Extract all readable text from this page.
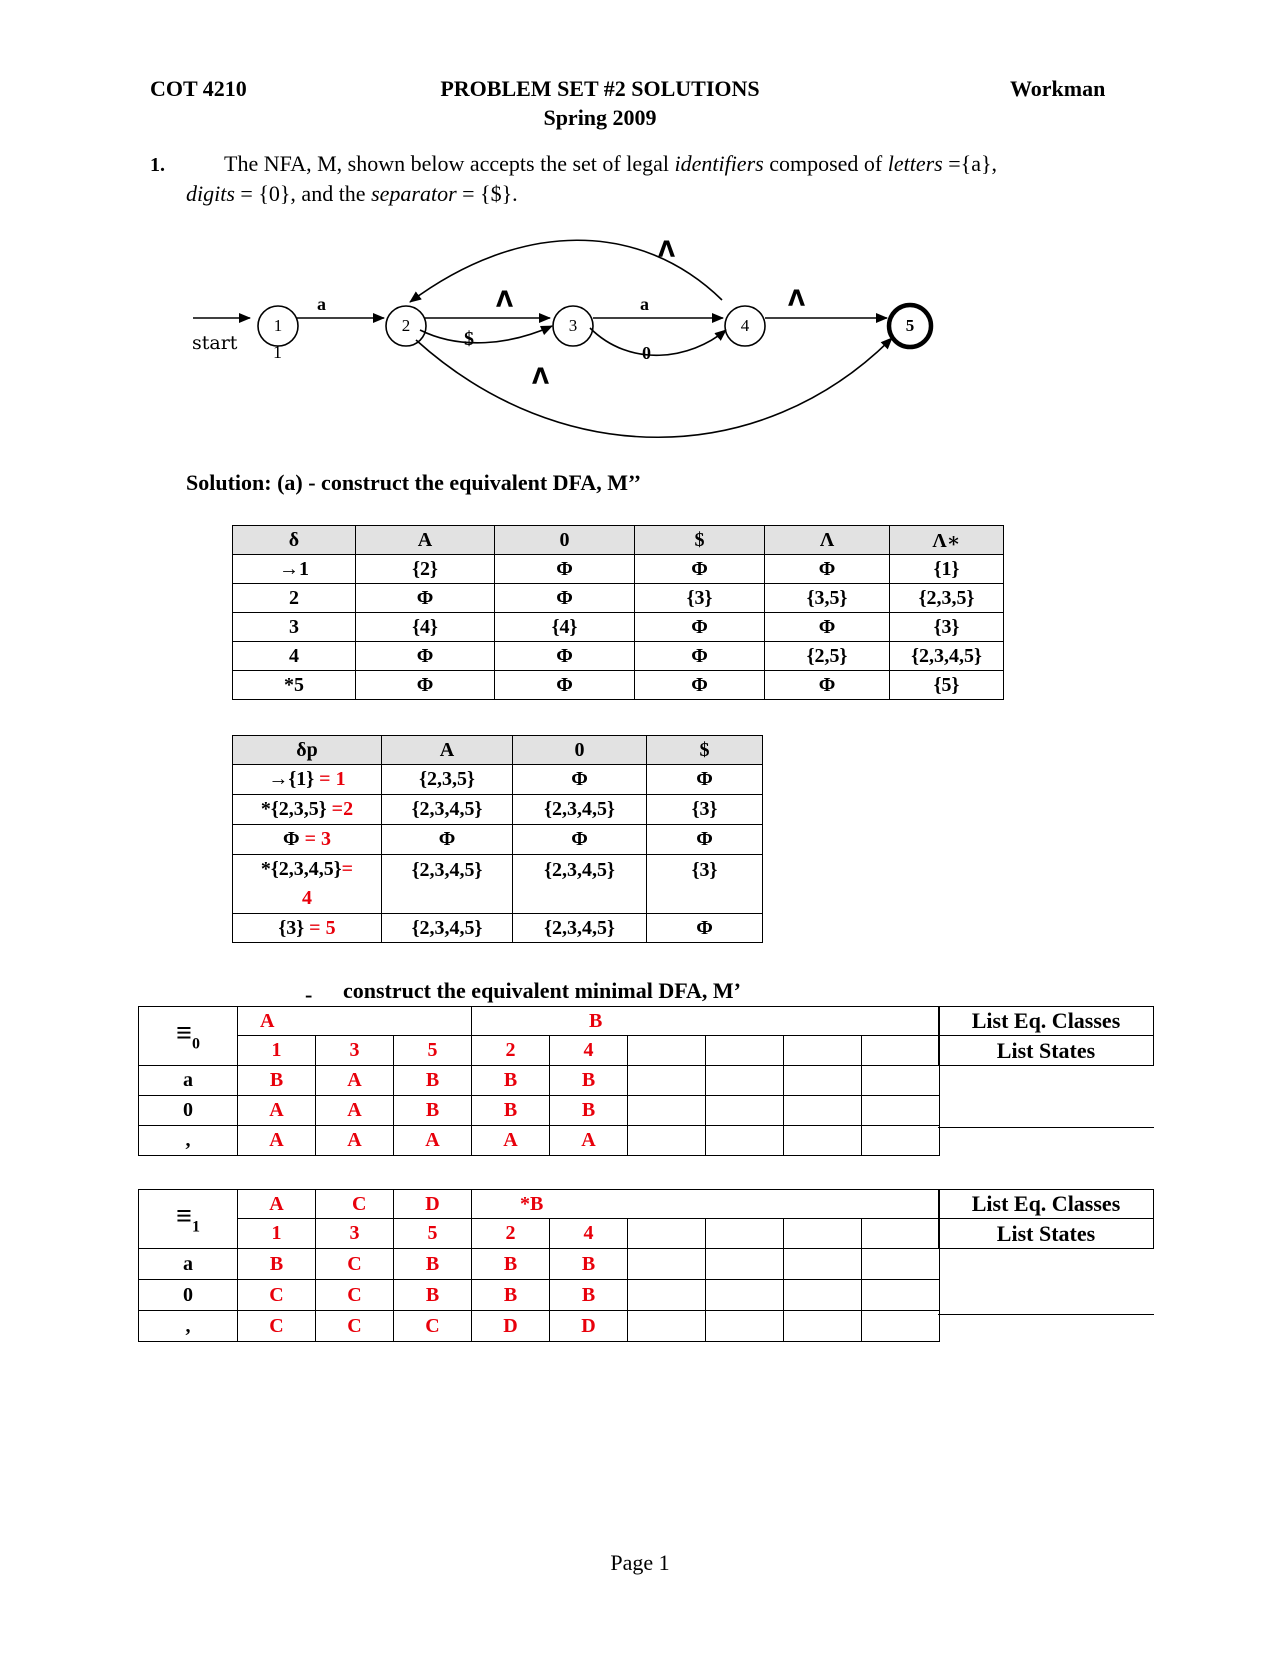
COT 4210	PROBLEM SET #2 SOLUTIONS
Spring 2009
Workman
1.	The NFA, M, shown below accepts the set of legal identifiers composed of letters ={a},
digits = {0}, and the separator = {$}.
start 1
1	2	3	4	5
a	Λ
$
a
0
Λ
Λ
Λ
Solution: (a) - construct the equivalent DFA, M’’
δ	A	0	$	Λ	Λ∗
→1	{2}	Φ	Φ	Φ	{1}
2	Φ	Φ	{3}	{3,5}	{2,3,5}
3	{4}	{4}	Φ	Φ	{3}
4	Φ	Φ	Φ	{2,5}	{2,3,4,5}
*5	Φ	Φ	Φ	Φ	{5}
δp	A	0	$
→{1} = 1	{2,3,5}	Φ	Φ
*{2,3,5} =2	{2,3,4,5}	{2,3,4,5}	{3}
Φ = 3	Φ	Φ	Φ
*{2,3,4,5}=
4	{2,3,4,5}	{2,3,4,5}	{3}
{3} = 5	{2,3,4,5}	{2,3,4,5}	Φ
- construct the equivalent minimal DFA, M’
$\equiv_0$	A			B					
	1	3	5	2	4				
a	B	A	B	B	B				
0	A	A	B	B	B				
,	A	A	A	A	A				
List Eq. Classes
List States
$\equiv_1$	A	C	D	*B					
	1	3	5	2	4				
a	B	C	B	B	B				
0	C	C	B	B	B				
,	C	C	C	D	D				
List Eq. Classes
List States
Page 1
